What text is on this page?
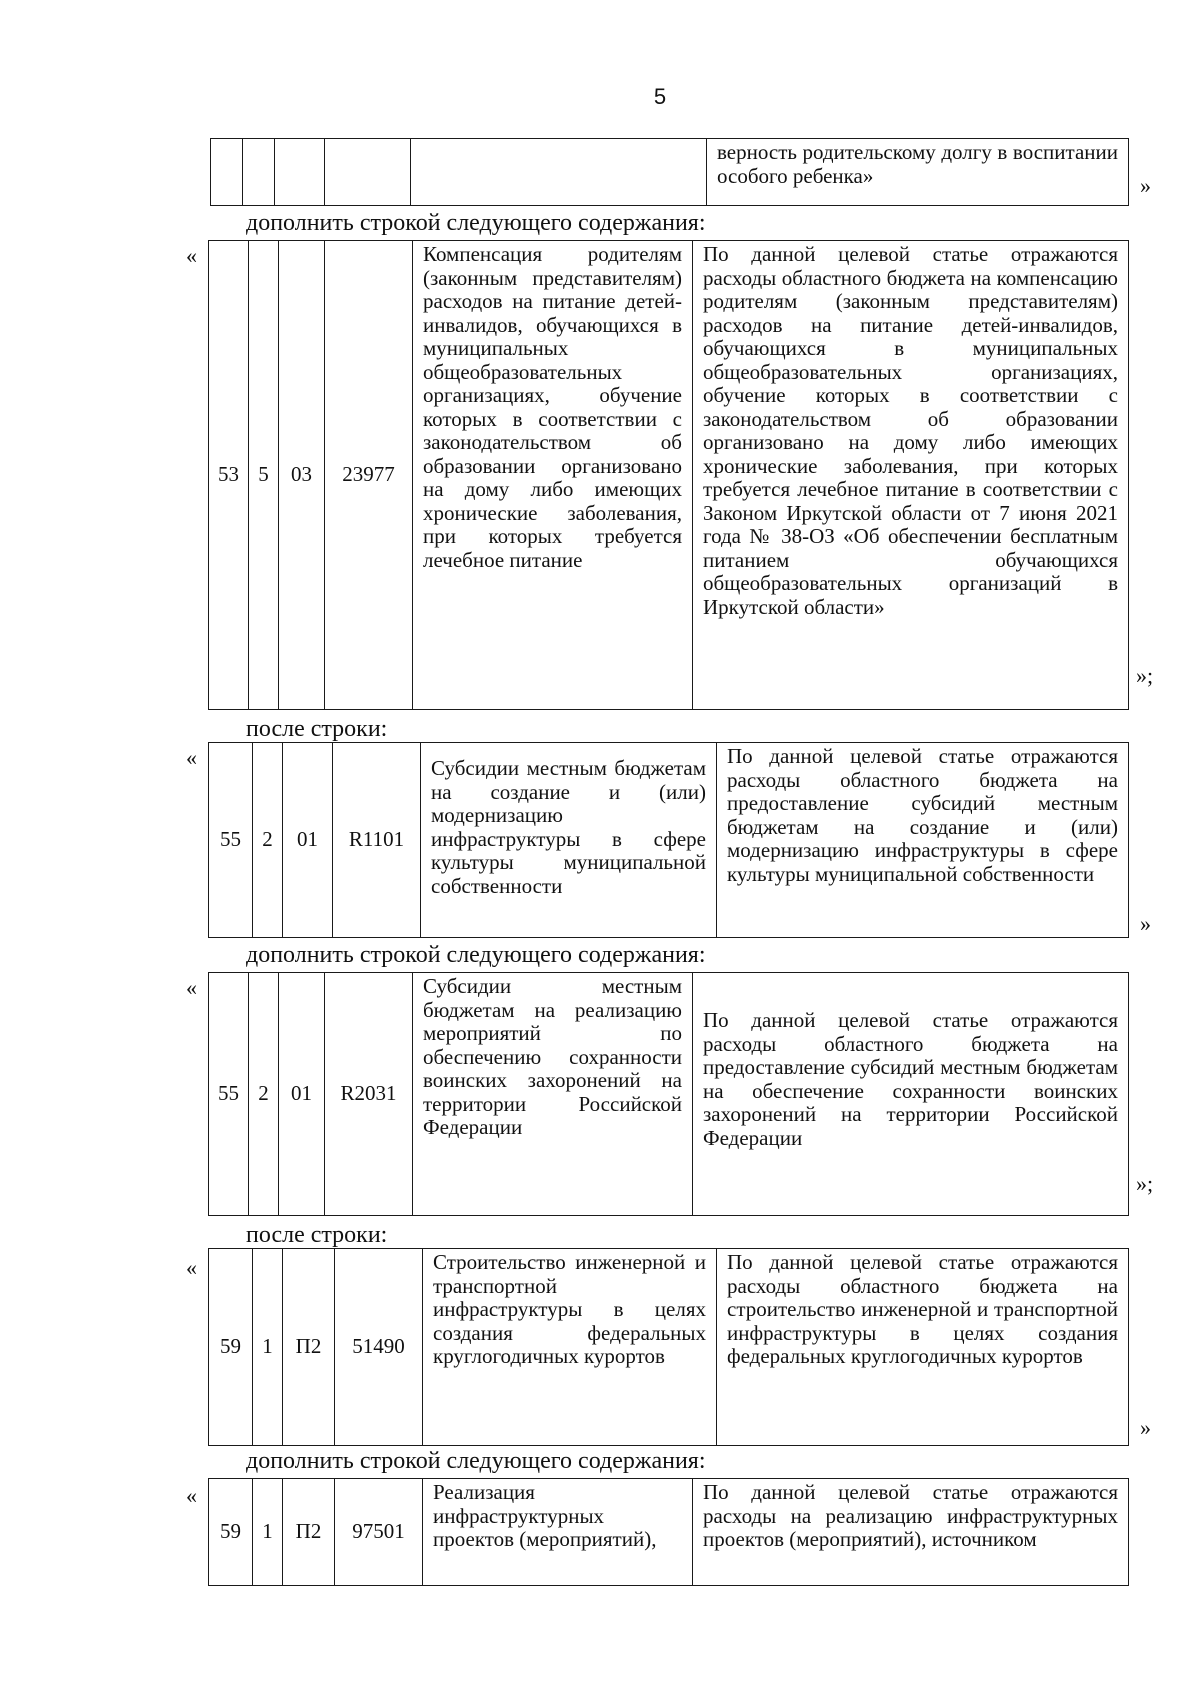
5
					верность родительскому долгу в воспитании особого ребенка»	»
дополнить строкой следующего содержания:
«
53	5	03	23977	Компенсация родителям (законным представителям) расходов на питание детей-инвалидов, обучающихся в муниципальных общеобразовательных организациях, обучение которых в соответствии с законодательством об образовании организовано на дому либо имеющих хронические заболевания, при которых требуется лечебное питание	По данной целевой статье отражаются расходы областного бюджета на компенсацию родителям (законным представителям) расходов на питание детей-инвалидов, обучающихся в муниципальных общеобразовательных организациях, обучение которых в соответствии с законодательством об образовании организовано на дому либо имеющих хронические заболевания, при которых требуется лечебное питание в соответствии с Законом Иркутской области от 7 июня 2021 года № 38-ОЗ «Об обеспечении бесплатным питанием обучающихся общеобразовательных организаций в Иркутской области»
»;
после строки:
«
55	2	01	R1101	Субсидии местным бюджетам на создание и (или) модернизацию инфраструктуры в сфере культуры муниципальной собственности	По данной целевой статье отражаются расходы областного бюджета на предоставление субсидий местным бюджетам на создание и (или) модернизацию инфраструктуры в сфере культуры муниципальной собственности
»
дополнить строкой следующего содержания:
«
55	2	01	R2031	Субсидии местным бюджетам на реализацию мероприятий по обеспечению сохранности воинских захоронений на территории Российской Федерации	По данной целевой статье отражаются расходы областного бюджета на предоставление субсидий местным бюджетам на обеспечение сохранности воинских захоронений на территории Российской Федерации
»;
после строки:
«
59	1	П2	51490	Строительство инженерной и транспортной инфраструктуры в целях создания федеральных круглогодичных курортов	По данной целевой статье отражаются расходы областного бюджета на строительство инженерной и транспортной инфраструктуры в целях создания федеральных круглогодичных курортов
»
дополнить строкой следующего содержания:
«
59	1	П2	97501	Реализация инфраструктурных проектов (мероприятий),	По данной целевой статье отражаются расходы на реализацию инфраструктурных проектов (мероприятий), источником
